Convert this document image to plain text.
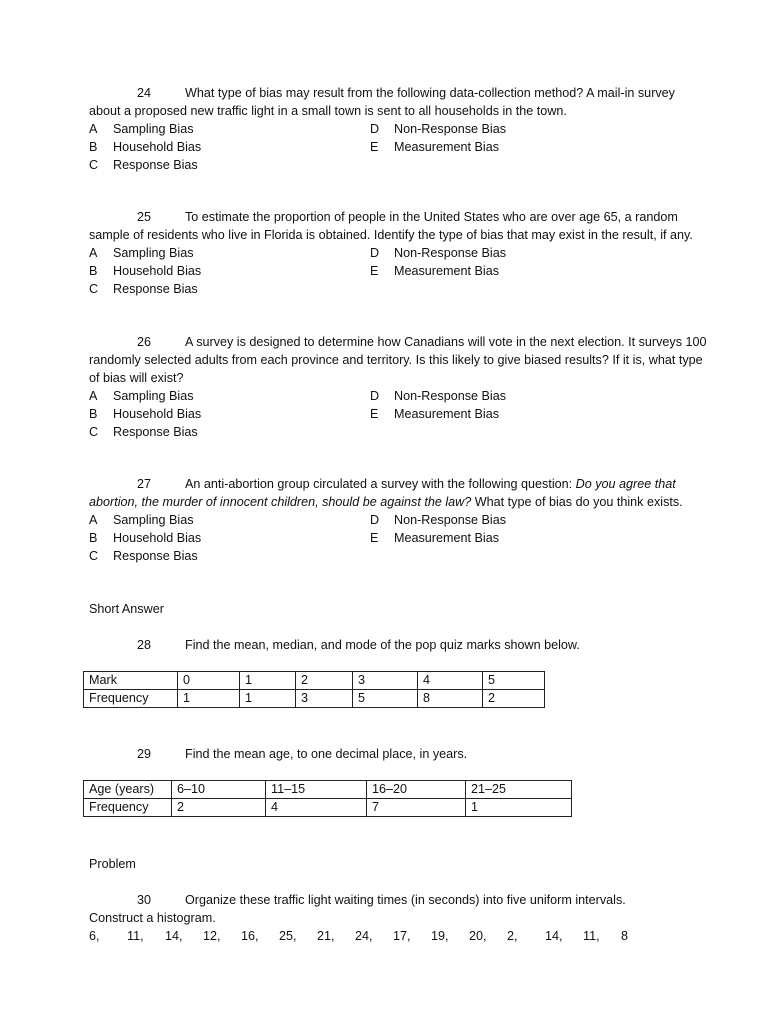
24	What type of bias may result from the following data-collection method? A mail-in survey
about a proposed new traffic light in a small town is sent to all households in the town.
A	Sampling Bias	D	Non-Response Bias
B	Household Bias	E	Measurement Bias
C	Response Bias
25	To estimate the proportion of people in the United States who are over age 65, a random
sample of residents who live in Florida is obtained. Identify the type of bias that may exist in the result, if any.
A	Sampling Bias	D	Non-Response Bias
B	Household Bias	E	Measurement Bias
C	Response Bias
26	A survey is designed to determine how Canadians will vote in the next election. It surveys 100
randomly selected adults from each province and territory. Is this likely to give biased results? If it is, what type
of bias will exist?
A	Sampling Bias	D	Non-Response Bias
B	Household Bias	E	Measurement Bias
C	Response Bias
27	An anti-abortion group circulated a survey with the following question: Do you agree that
abortion, the murder of innocent children, should be against the law? What type of bias do you think exists.
A	Sampling Bias	D	Non-Response Bias
B	Household Bias	E	Measurement Bias
C	Response Bias
Short Answer
28	Find the mean, median, and mode of the pop quiz marks shown below.
Mark	0	1	2	3	4	5
Frequency	1	1	3	5	8	2
29	Find the mean age, to one decimal place, in years.
Age (years)	6–10	11–15	16–20	21–25
Frequency	2	4	7	1
Problem
30	Organize these traffic light waiting times (in seconds) into five uniform intervals.
Construct a histogram.
6, 11, 14, 12, 16, 25, 21, 24, 17, 19, 20, 2, 14, 11, 8
